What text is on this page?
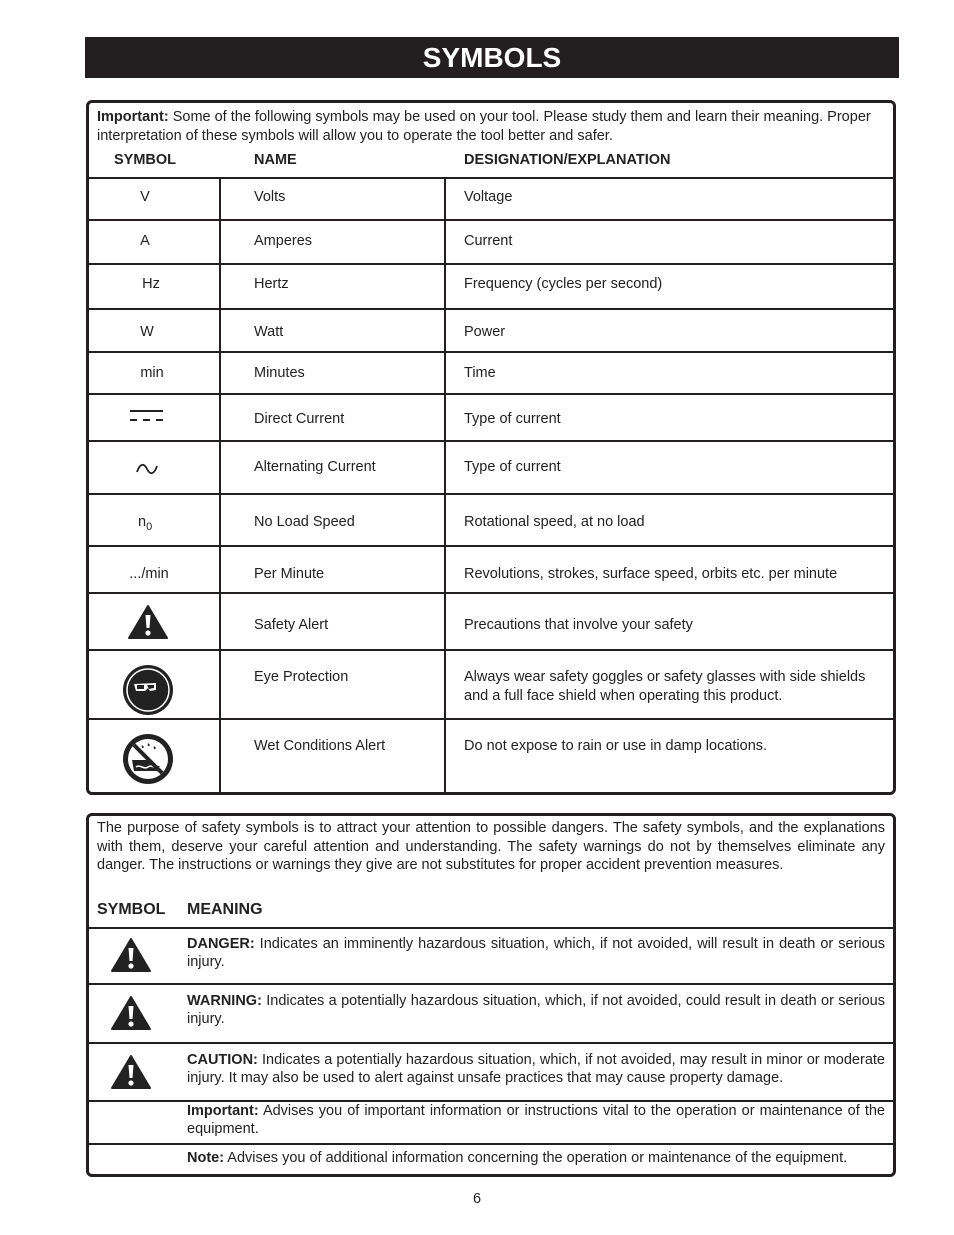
SYMBOLS
Important: Some of the following symbols may be used on your tool. Please study them and learn their meaning. Proper interpretation of these symbols will allow you to operate the tool better and safer.
SYMBOL	NAME	DESIGNATION/EXPLANATION
V	Volts	Voltage
A	Amperes	Current
Hz	Hertz	Frequency (cycles per second)
W	Watt	Power
min	Minutes	Time
Direct Current	Type of current
Alternating Current	Type of current
$n_0$	No Load Speed	Rotational speed, at no load
.../min	Per Minute	Revolutions, strokes, surface speed, orbits etc. per minute
Safety Alert	Precautions that involve your safety
Eye Protection	Always wear safety goggles or safety glasses with side shields and a full face shield when operating this product.
Wet Conditions Alert	Do not expose to rain or use in damp locations.
The purpose of safety symbols is to attract your attention to possible dangers. The safety symbols, and the explanations with them, deserve your careful attention and understanding. The safety warnings do not by themselves eliminate any danger. The instructions or warnings they give are not substitutes for proper accident prevention measures.
SYMBOL MEANING
DANGER: Indicates an imminently hazardous situation, which, if not avoided, will result in death or serious injury.
WARNING: Indicates a potentially hazardous situation, which, if not avoided, could result in death or serious injury.
CAUTION: Indicates a potentially hazardous situation, which, if not avoided, may result in minor or moderate injury. It may also be used to alert against unsafe practices that may cause property damage.
Important: Advises you of important information or instructions vital to the operation or maintenance of the equipment.
Note: Advises you of additional information concerning the operation or maintenance of the equipment.
6
